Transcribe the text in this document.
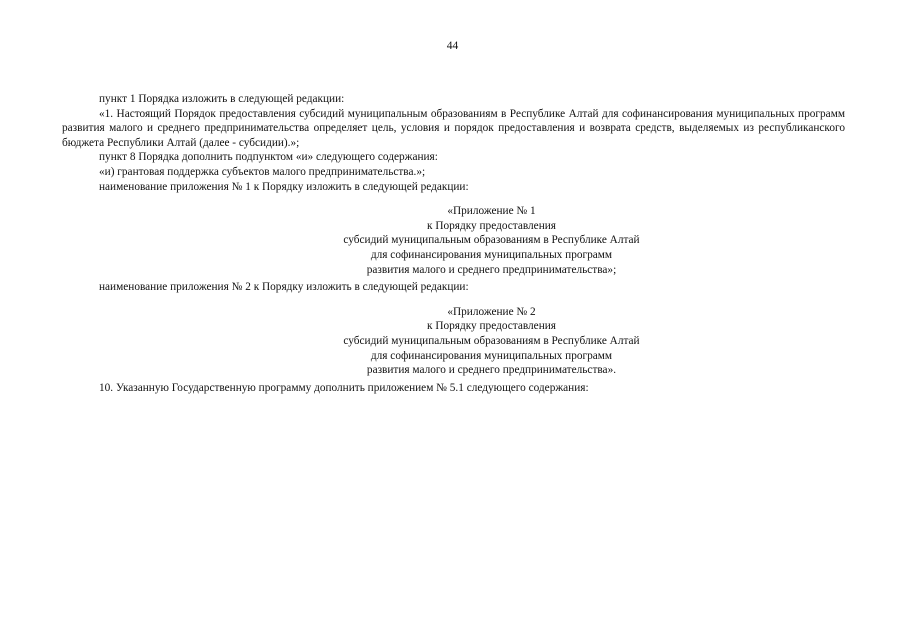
44

пункт 1 Порядка изложить в следующей редакции:

«1. Настоящий Порядок предоставления субсидий муниципальным образованиям в Республике Алтай для софинансирования муниципальных программ развития малого и среднего предпринимательства определяет цель, условия и порядок предоставления и возврата средств, выделяемых из республиканского бюджета Республики Алтай (далее - субсидии).»;

пункт 8 Порядка дополнить подпунктом «и» следующего содержания:

«и) грантовая поддержка субъектов малого предпринимательства.»;

наименование приложения № 1 к Порядку изложить в следующей редакции:

«Приложение № 1
к Порядку предоставления
субсидий муниципальным образованиям в Республике Алтай
для софинансирования муниципальных программ
развития малого и среднего предпринимательства»;

наименование приложения № 2 к Порядку изложить в следующей редакции:

«Приложение № 2
к Порядку предоставления
субсидий муниципальным образованиям в Республике Алтай
для софинансирования муниципальных программ
развития малого и среднего предпринимательства».

10. Указанную Государственную программу дополнить приложением № 5.1 следующего содержания:
